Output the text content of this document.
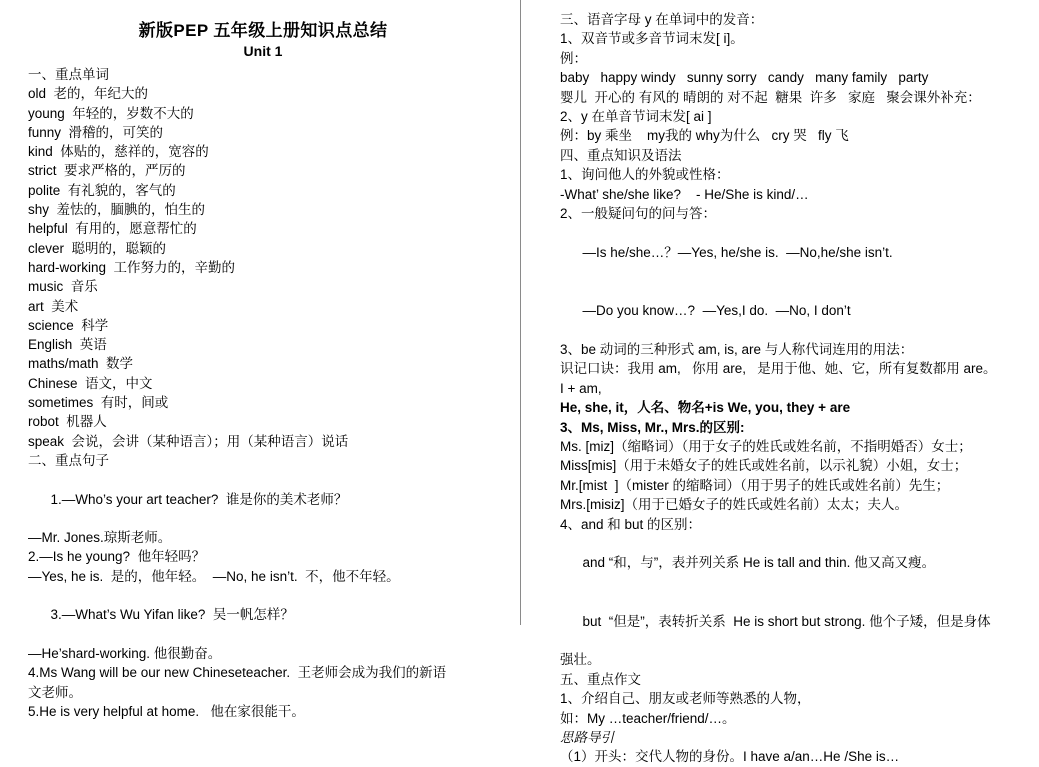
新版PEP 五年级上册知识点总结
Unit 1
一、重点单词
old  老的，年纪大的
young  年轻的，岁数不大的
funny  滑稽的，可笑的
kind  体贴的，慈祥的，宽容的
strict  要求严格的，严厉的
polite  有礼貌的，客气的
shy  羞怯的，腼腆的，怕生的
helpful  有用的，愿意帮忙的
clever  聪明的，聪颖的
hard-working  工作努力的，辛勤的
music  音乐
art  美术
science  科学
English  英语
maths/math  数学
Chinese  语文，中文
sometimes  有时，间或
robot  机器人
speak  会说，会讲（某种语言）；用（某种语言）说话
二、重点句子

1.—Who’s your art teacher?  谁是你的美术老师？

—Mr. Jones.琼斯老师。
2.—Is he young?  他年轻吗？
—Yes, he is.  是的，他年轻。  —No, he isn’t.  不，他不年轻。

3.—What’s Wu Yifan like?  吴一帆怎样？

—He’shard-working. 他很勤奋。
4.Ms Wang will be our new Chineseteacher.  王老师会成为我们的新语
文老师。
5.He is very helpful at home.   他在家很能干。
三、语音字母 y 在单词中的发音：
1、双音节或多音节词末发[ i]。
例：
baby   happy windy   sunny sorry   candy   many family   party
婴儿  开心的 有风的 晴朗的 对不起  糖果  许多   家庭   聚会课外补充：
2、y 在单音节词末发[ ai ]
例：by 乘坐    my我的 why为什么   cry 哭   fly 飞
四、重点知识及语法
1、询问他人的外貌或性格：
-What’ she/she like?    - He/She is kind/…
2、一般疑问句的问与答：

—Is he/she…？—Yes, he/she is.  —No,he/she isn’t.

—Do you know…?  —Yes,I do.  —No, I don’t

3、be 动词的三种形式 am, is, are 与人称代词连用的用法：
识记口诀：我用 am,   你用 are,   是用于他、她、它，所有复数都用 are。
I + am,
He, she, it，人名、物名+is We, you, they + are
3、Ms, Miss, Mr., Mrs.的区别:
Ms. [miz]（缩略词）（用于女子的姓氏或姓名前，不指明婚否）女士；
Miss[mis]（用于未婚女子的姓氏或姓名前，以示礼貌）小姐，女士；
Mr.[mist  ]（mister 的缩略词）（用于男子的姓氏或姓名前）先生；
Mrs.[misiz]（用于已婚女子的姓氏或姓名前）太太；夫人。
4、and 和 but 的区别：

and “和，与”，表并列关系 He is tall and thin. 他又高又瘦。

but  “但是”，表转折关系  He is short but strong. 他个子矮，但是身体

强壮。
五、重点作文
1、介绍自己、朋友或老师等熟悉的人物，
如：My …teacher/friend/…。
思路导引
（1）开头：交代人物的身份。I have a/an…He /She is…
